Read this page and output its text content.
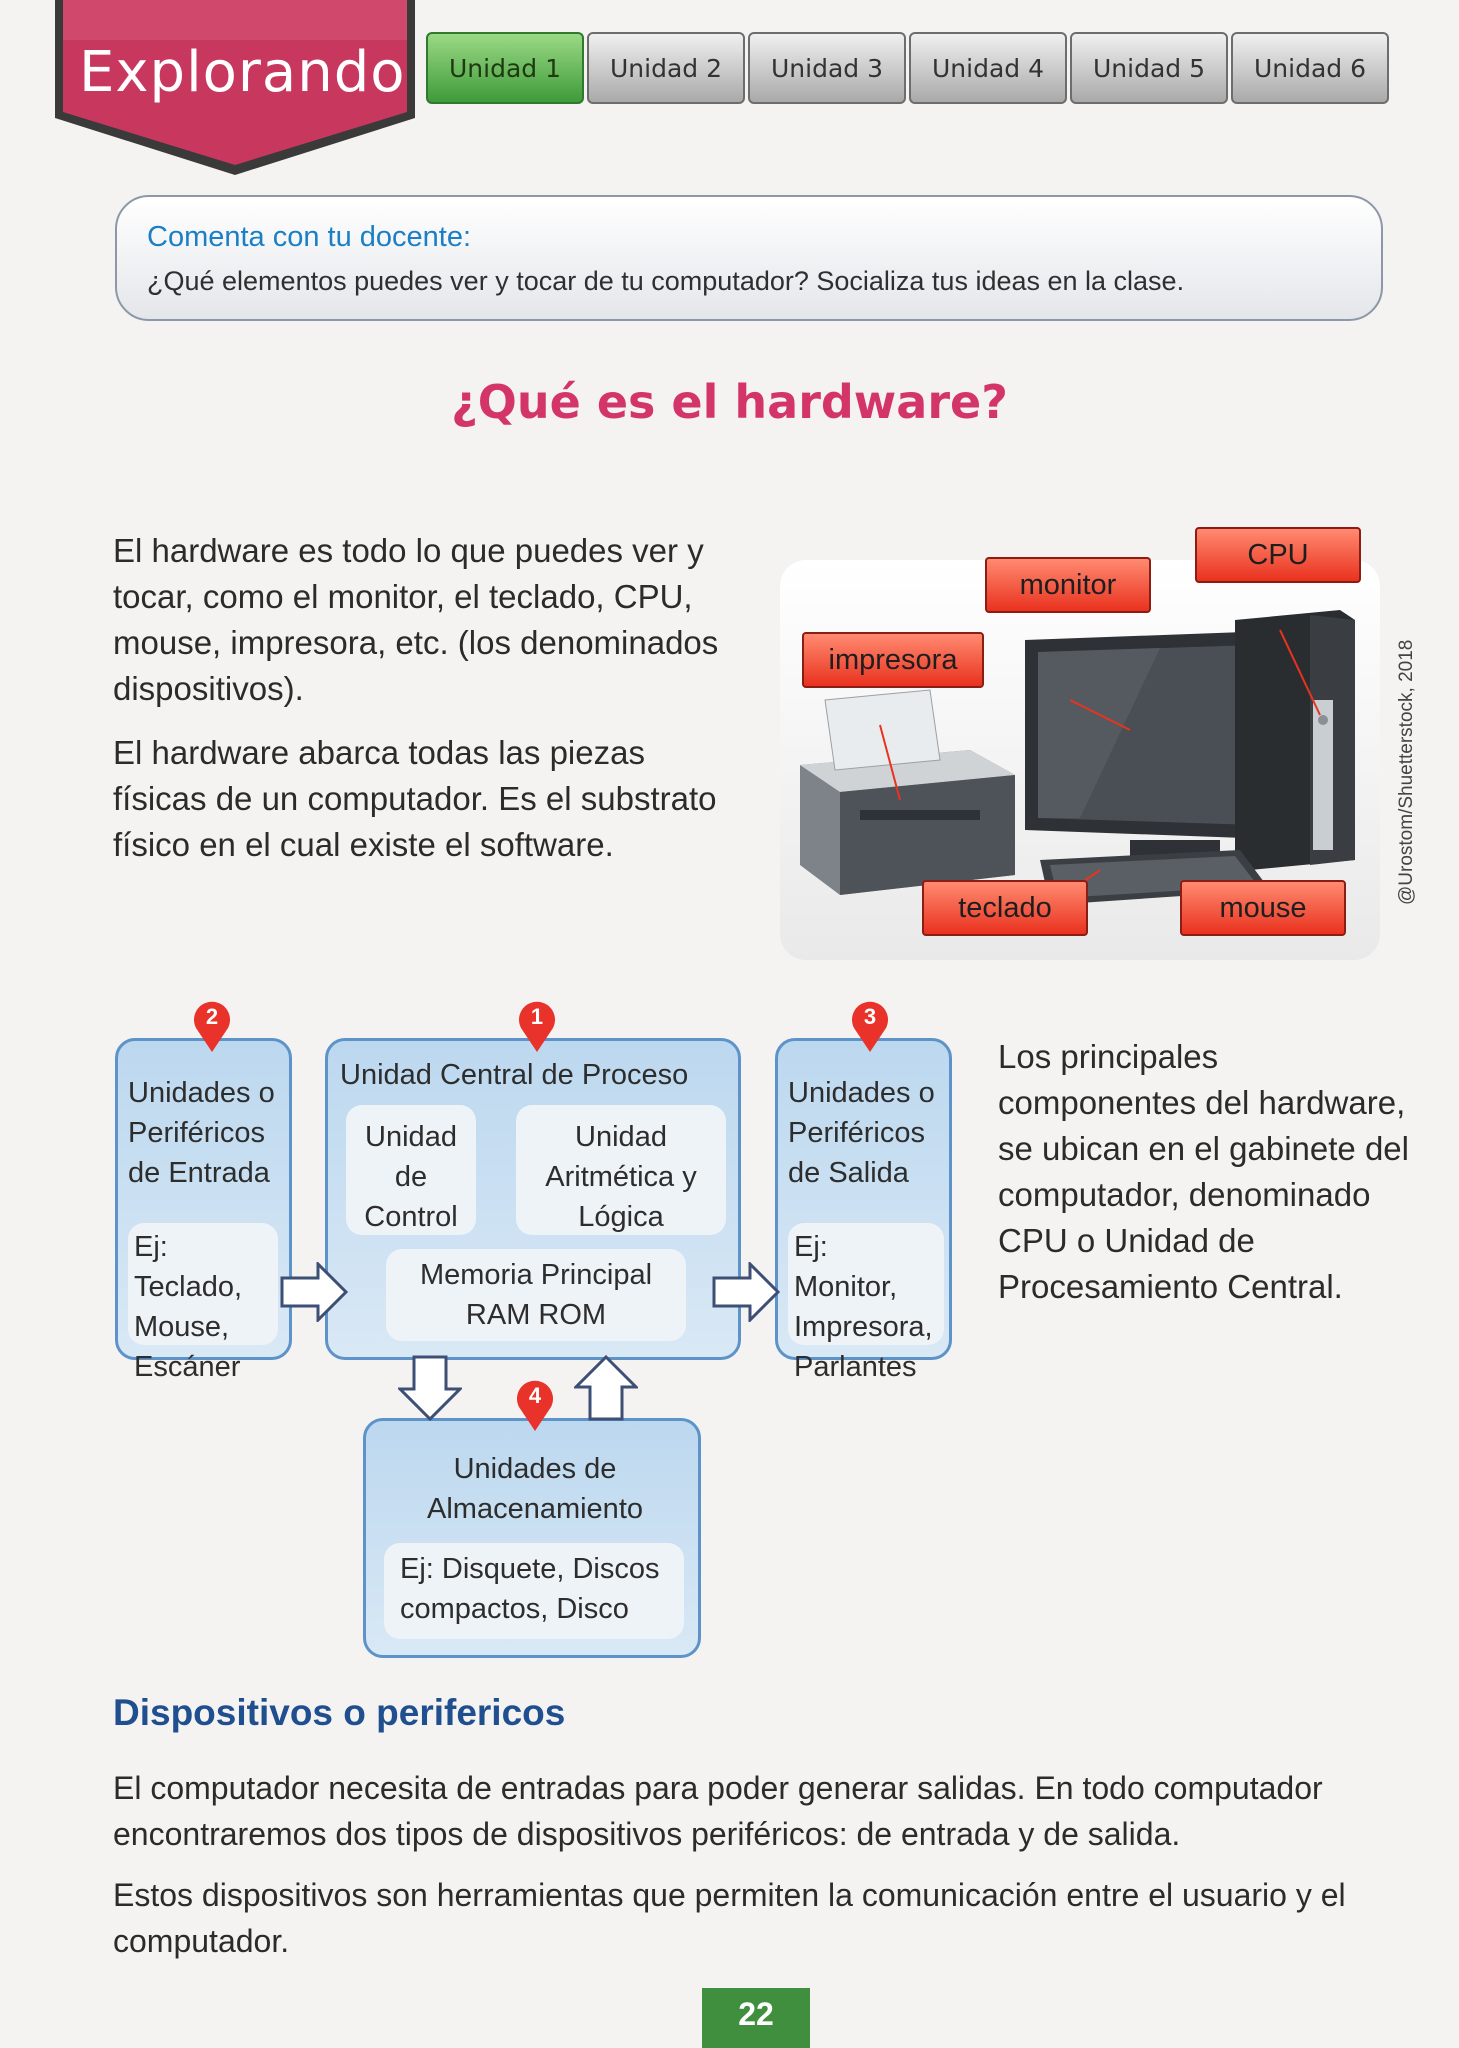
Explorando	Unidad 1	Unidad 2	Unidad 3	Unidad 4	Unidad 5	Unidad 6
Comenta con tu docente:
¿Qué elementos puedes ver y tocar de tu computador? Socializa tus ideas en la clase.
¿Qué es el hardware?
El hardware es todo lo que puedes ver y tocar, como el monitor, el teclado, CPU, mouse, impresora, etc. (los denominados dispositivos).
El hardware abarca todas las piezas físicas de un computador. Es el substrato físico en el cual existe el software.
CPU
monitor
impresora
teclado	mouse
@Urostom/Shuetterstock, 2018
Unidades o Periféricos de Entrada
Ej: Teclado, Mouse, Escáner
2
Unidad Central de Proceso
Unidad de Control
Unidad Aritmética y Lógica
Memoria Principal RAM ROM
1
Unidades o Periféricos de Salida
Ej: Monitor, Impresora, Parlantes
3
Unidades de Almacenamiento
Ej: Disquete, Discos compactos, Disco
4
Los principales componentes del hardware, se ubican en el gabinete del computador, denominado CPU o Unidad de Procesamiento Central.
Dispositivos o perifericos
El computador necesita de entradas para poder generar salidas. En todo computador encontraremos dos tipos de dispositivos periféricos: de entrada y de salida.
Estos dispositivos son herramientas que permiten la comunicación entre el usuario y el computador.
22
